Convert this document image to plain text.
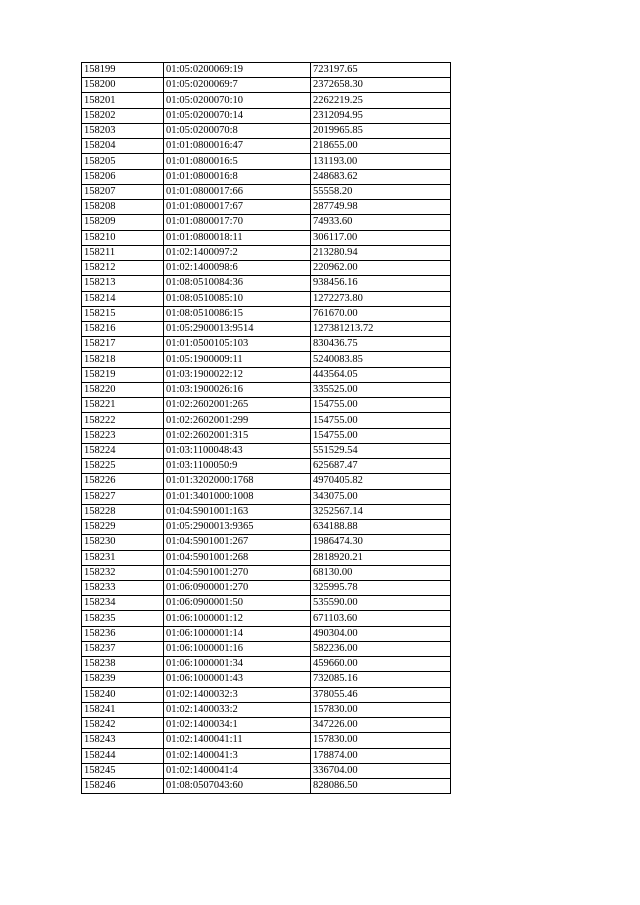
158199	01:05:0200069:19	723197.65
158200	01:05:0200069:7	2372658.30
158201	01:05:0200070:10	2262219.25
158202	01:05:0200070:14	2312094.95
158203	01:05:0200070:8	2019965.85
158204	01:01:0800016:47	218655.00
158205	01:01:0800016:5	131193.00
158206	01:01:0800016:8	248683.62
158207	01:01:0800017:66	55558.20
158208	01:01:0800017:67	287749.98
158209	01:01:0800017:70	74933.60
158210	01:01:0800018:11	306117.00
158211	01:02:1400097:2	213280.94
158212	01:02:1400098:6	220962.00
158213	01:08:0510084:36	938456.16
158214	01:08:0510085:10	1272273.80
158215	01:08:0510086:15	761670.00
158216	01:05:2900013:9514	127381213.72
158217	01:01:0500105:103	830436.75
158218	01:05:1900009:11	5240083.85
158219	01:03:1900022:12	443564.05
158220	01:03:1900026:16	335525.00
158221	01:02:2602001:265	154755.00
158222	01:02:2602001:299	154755.00
158223	01:02:2602001:315	154755.00
158224	01:03:1100048:43	551529.54
158225	01:03:1100050:9	625687.47
158226	01:01:3202000:1768	4970405.82
158227	01:01:3401000:1008	343075.00
158228	01:04:5901001:163	3252567.14
158229	01:05:2900013:9365	634188.88
158230	01:04:5901001:267	1986474.30
158231	01:04:5901001:268	2818920.21
158232	01:04:5901001:270	68130.00
158233	01:06:0900001:270	325995.78
158234	01:06:0900001:50	535590.00
158235	01:06:1000001:12	671103.60
158236	01:06:1000001:14	490304.00
158237	01:06:1000001:16	582236.00
158238	01:06:1000001:34	459660.00
158239	01:06:1000001:43	732085.16
158240	01:02:1400032:3	378055.46
158241	01:02:1400033:2	157830.00
158242	01:02:1400034:1	347226.00
158243	01:02:1400041:11	157830.00
158244	01:02:1400041:3	178874.00
158245	01:02:1400041:4	336704.00
158246	01:08:0507043:60	828086.50
